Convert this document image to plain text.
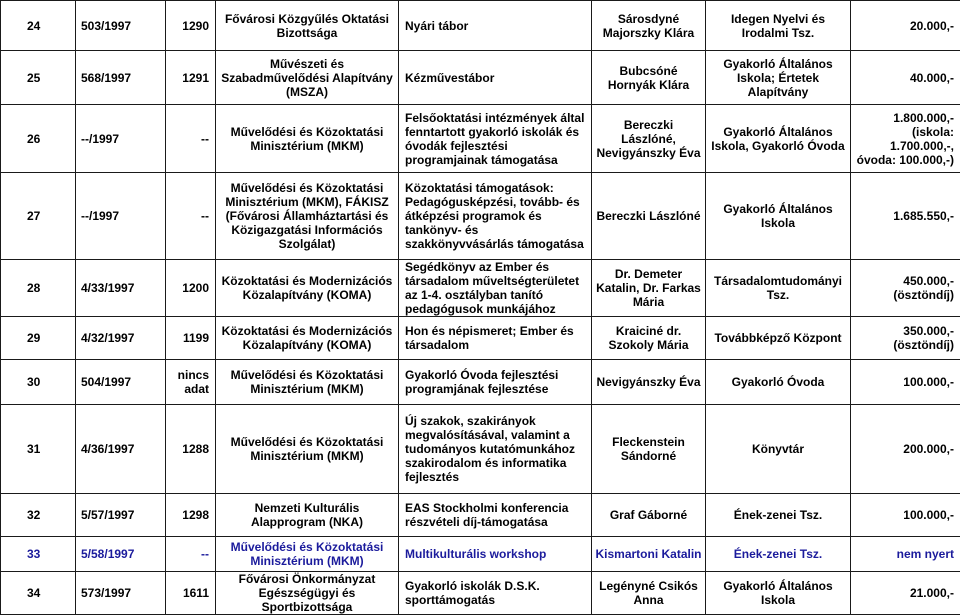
24	503/1997	1290	Fővárosi Közgyűlés Oktatási Bizottsága	Nyári tábor	Sárosdyné Majorszky Klára	Idegen Nyelvi és Irodalmi Tsz.	20.000,-
25	568/1997	1291	Művészeti és Szabadművelődési Alapítvány (MSZA)	Kézművestábor	Bubcsóné Hornyák Klára	Gyakorló Általános Iskola; Értetek Alapítvány	40.000,-
26	--/1997	--	Művelődési és Közoktatási Minisztérium (MKM)	Felsőoktatási intézmények által fenntartott gyakorló iskolák és óvodák fejlesztési programjainak támogatása	Bereczki Lászlóné, Nevigyánszky Éva	Gyakorló Általános Iskola, Gyakorló Óvoda	1.800.000,- (iskola: 1.700.000,-, óvoda: 100.000,-)
27	--/1997	--	Művelődési és Közoktatási Minisztérium (MKM), FÁKISZ (Fővárosi Államháztartási és Közigazgatási Információs Szolgálat)	Közoktatási támogatások: Pedagógusképzési, tovább- és átképzési programok és tankönyv- és szakkönyvvásárlás támogatása	Bereczki Lászlóné	Gyakorló Általános Iskola	1.685.550,-
28	4/33/1997	1200	Közoktatási és Modernizációs Közalapítvány (KOMA)	Segédkönyv az Ember és társadalom műveltségterületet az 1-4. osztályban tanító pedagógusok munkájához	Dr. Demeter Katalin, Dr. Farkas Mária	Társadalomtudományi Tsz.	450.000,- (ösztöndíj)
29	4/32/1997	1199	Közoktatási és Modernizációs Közalapítvány (KOMA)	Hon és népismeret; Ember és társadalom	Kraiciné dr. Szokoly Mária	Továbbképző Központ	350.000,- (ösztöndíj)
30	504/1997	nincs adat	Művelődési és Közoktatási Minisztérium (MKM)	Gyakorló Óvoda fejlesztési programjának fejlesztése	Nevigyánszky Éva	Gyakorló Óvoda	100.000,-
31	4/36/1997	1288	Művelődési és Közoktatási Minisztérium (MKM)	Új szakok, szakirányok megvalósításával, valamint a tudományos kutatómunkához szakirodalom és informatika fejlesztés	Fleckenstein Sándorné	Könyvtár	200.000,-
32	5/57/1997	1298	Nemzeti Kulturális Alapprogram (NKA)	EAS Stockholmi konferencia részvételi díj-támogatása	Graf Gáborné	Ének-zenei Tsz.	100.000,-
33	5/58/1997	--	Művelődési és Közoktatási Minisztérium (MKM)	Multikulturális workshop	Kismartoni Katalin	Ének-zenei Tsz.	nem nyert
34	573/1997	1611	Fővárosi Önkormányzat Egészségügyi és Sportbizottsága	Gyakorló iskolák D.S.K. sporttámogatás	Legényné Csikós Anna	Gyakorló Általános Iskola	21.000,-
